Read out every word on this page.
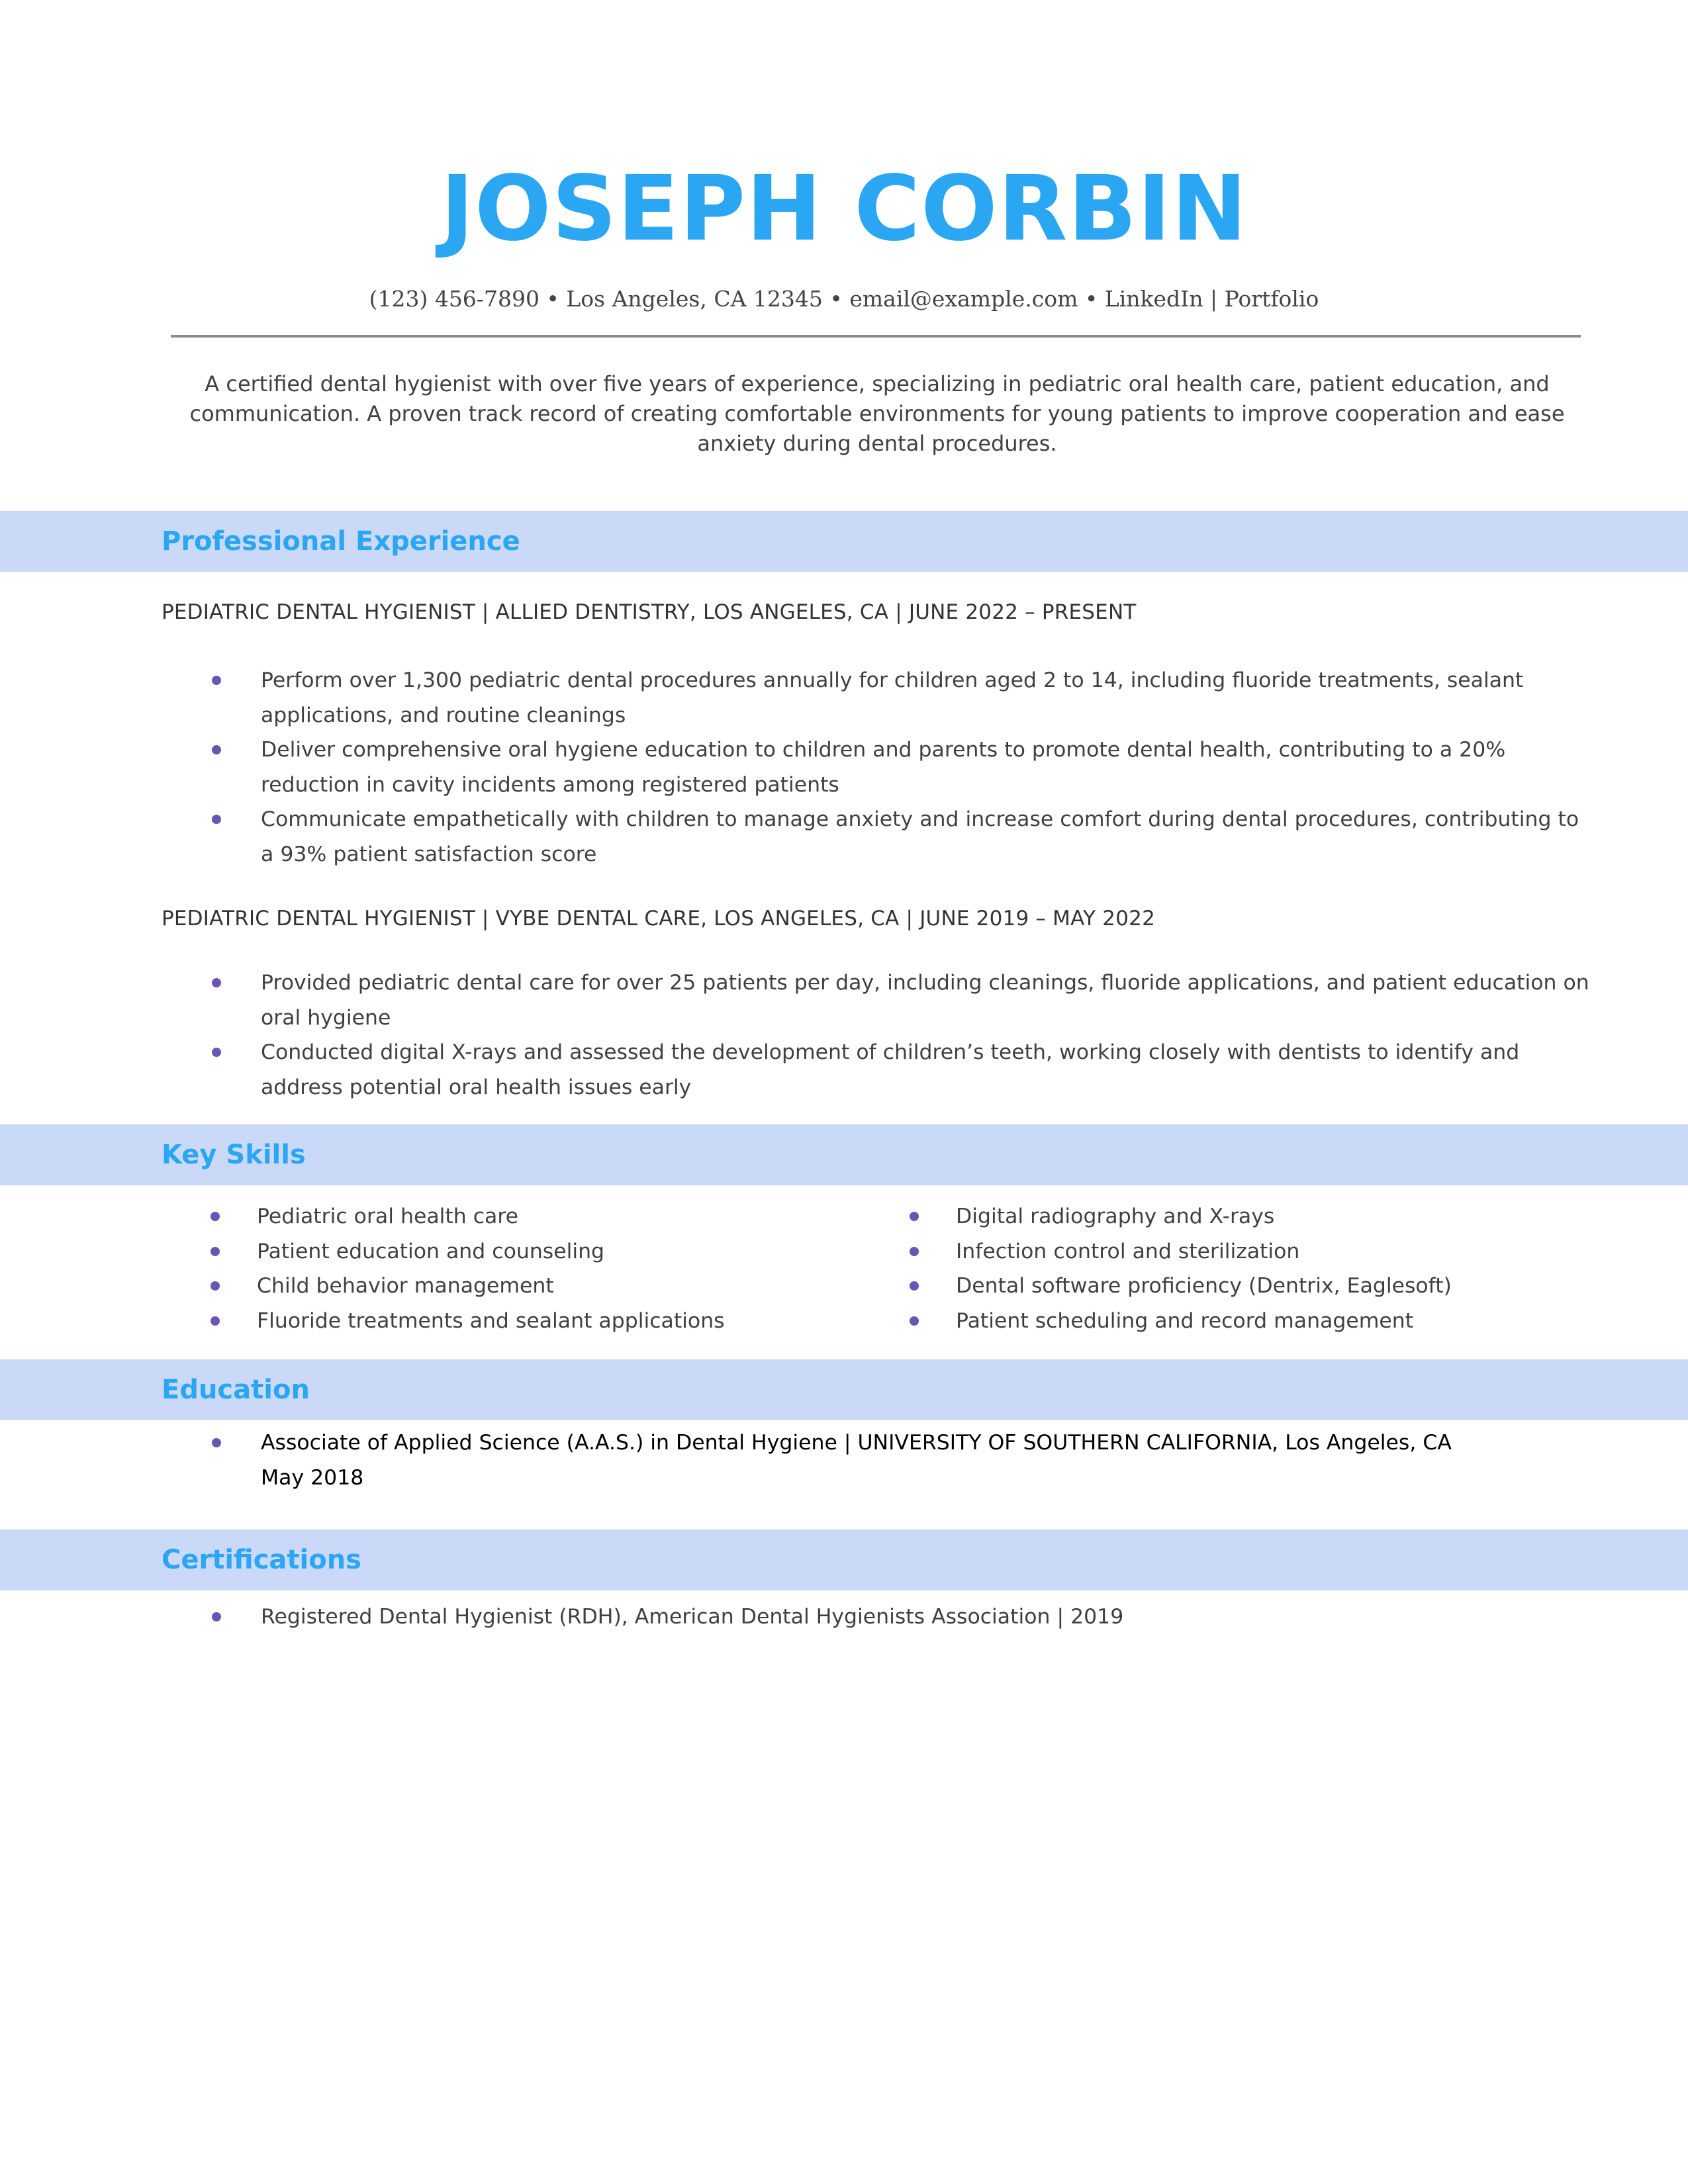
JOSEPH CORBIN
(123) 456-7890 • Los Angeles, CA 12345 • email@example.com • LinkedIn | Portfolio
A certified dental hygienist with over five years of experience, specializing in pediatric oral health care, patient education, and communication. A proven track record of creating comfortable environments for young patients to improve cooperation and ease anxiety during dental procedures.
Professional Experience
PEDIATRIC DENTAL HYGIENIST | ALLIED DENTISTRY, LOS ANGELES, CA | JUNE 2022 – PRESENT
Perform over 1,300 pediatric dental procedures annually for children aged 2 to 14, including fluoride treatments, sealant applications, and routine cleanings
Deliver comprehensive oral hygiene education to children and parents to promote dental health, contributing to a 20% reduction in cavity incidents among registered patients
Communicate empathetically with children to manage anxiety and increase comfort during dental procedures, contributing to a 93% patient satisfaction score
PEDIATRIC DENTAL HYGIENIST | VYBE DENTAL CARE, LOS ANGELES, CA | JUNE 2019 – MAY 2022
Provided pediatric dental care for over 25 patients per day, including cleanings, fluoride applications, and patient education on oral hygiene
Conducted digital X-rays and assessed the development of children’s teeth, working closely with dentists to identify and address potential oral health issues early
Key Skills
Pediatric oral health care
Patient education and counseling
Child behavior management
Fluoride treatments and sealant applications
Digital radiography and X-rays
Infection control and sterilization
Dental software proficiency (Dentrix, Eaglesoft)
Patient scheduling and record management
Education
Associate of Applied Science (A.A.S.) in Dental Hygiene | UNIVERSITY OF SOUTHERN CALIFORNIA, Los Angeles, CA
May 2018
Certifications
Registered Dental Hygienist (RDH), American Dental Hygienists Association | 2019
